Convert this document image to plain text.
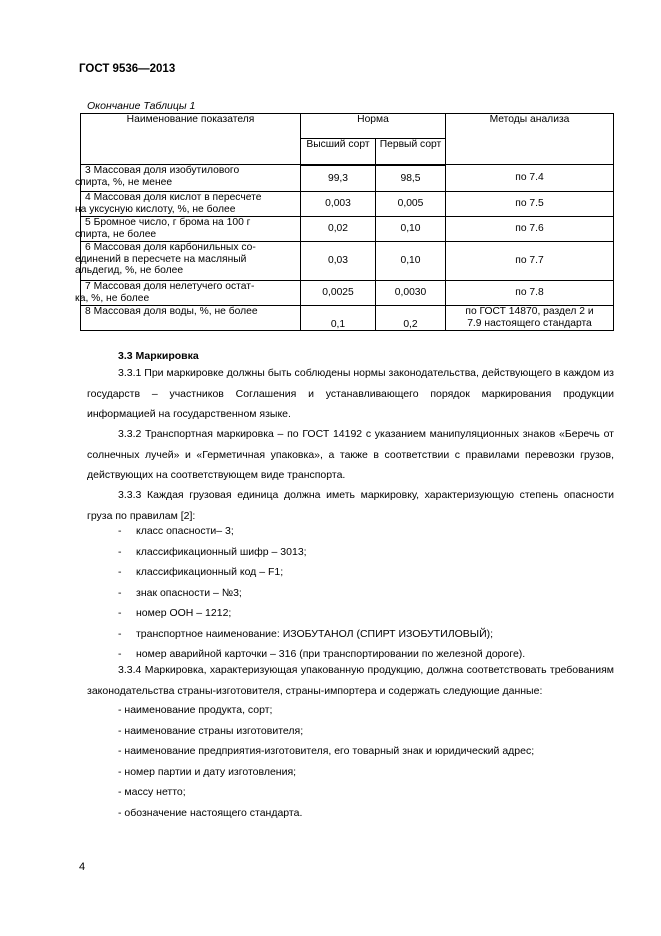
ГОСТ 9536—2013
Окончание Таблицы 1
Наименование показателя	Норма		Методы анализа
	Высший сорт	Первый сорт	

3 Массовая доля изобутилового
спирта, %, не менее	99,3	98,5	по 7.4

4 Массовая доля кислот в пересчете
на уксусную кислоту, %, не более	0,003	0,005	по 7.5

5 Бромное число, г брома на 100 г
спирта, не более	0,02	0,10	по 7.6

6 Массовая доля карбонильных со-
единений в пересчете на масляный
альдегид, %, не более	0,03	0,10	по 7.7

7 Массовая доля нелетучего остат-
ка, %, не более	0,0025	0,0030	по 7.8

8 Массовая доля воды, %, не более	0,1	0,2	по ГОСТ 14870, раздел 2 и
7.9 настоящего стандарта
3.3 Маркировка
3.3.1 При маркировке должны быть соблюдены нормы законодательства, действующего в каждом из государств – участников Соглашения и устанавливающего порядок маркирования продукции информацией на государственном языке.
3.3.2 Транспортная маркировка – по ГОСТ 14192 с указанием манипуляционных знаков «Беречь от солнечных лучей» и «Герметичная упаковка», а также в соответствии с правилами перевозки грузов, действующих на соответствующем виде транспорта.
3.3.3 Каждая грузовая единица должна иметь маркировку, характеризующую степень опасности груза по правилам [2]:
- класс опасности– 3;
- классификационный шифр – 3013;
- классификационный код – F1;
- знак опасности – №3;
- номер ООН – 1212;
- транспортное наименование: ИЗОБУТАНОЛ (СПИРТ ИЗОБУТИЛОВЫЙ);
- номер аварийной карточки – 316 (при транспортировании по железной дороге).
3.3.4 Маркировка, характеризующая упакованную продукцию, должна соответствовать требованиям законодательства страны-изготовителя, страны-импортера и содержать следующие данные:
- наименование продукта, сорт;
- наименование страны изготовителя;
- наименование предприятия-изготовителя, его товарный знак и юридический адрес;
- номер партии и дату изготовления;
- массу нетто;
- обозначение настоящего стандарта.
4
